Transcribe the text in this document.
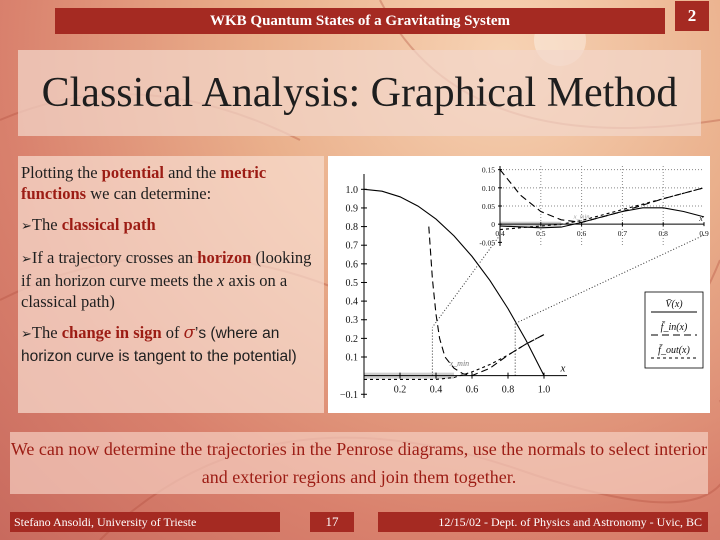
WKB Quantum States of a Gravitating System	2
Classical Analysis: Graphical Method

Plotting the potential and the metric functions we can determine:

➢The classical path

➢If a trajectory crosses an horizon (looking if an horizon curve meets the x axis on a classical path)

➢The change in sign of σ’s (where an horizon curve is tangent to the potential)

−0.1
0.1
0.2
0.3
0.4
0.5
0.6
0.7
0.8
0.9
1.0
0.2 0.4 0.6 0.8 1.0
x
x_min
-0.05
0
0.05
0.10
0.15
0.4	0.5	0.6	0.7	0.8	0.9
x
x_min
V̄(x)
f̄_in(x)
f̄_out(x)
We can now determine the trajectories in the Penrose diagrams, use the normals to select interior and exterior regions and join them together.
Stefano Ansoldi, University of Trieste	17	12/15/02 - Dept. of Physics and Astronomy - Uvic, BC
